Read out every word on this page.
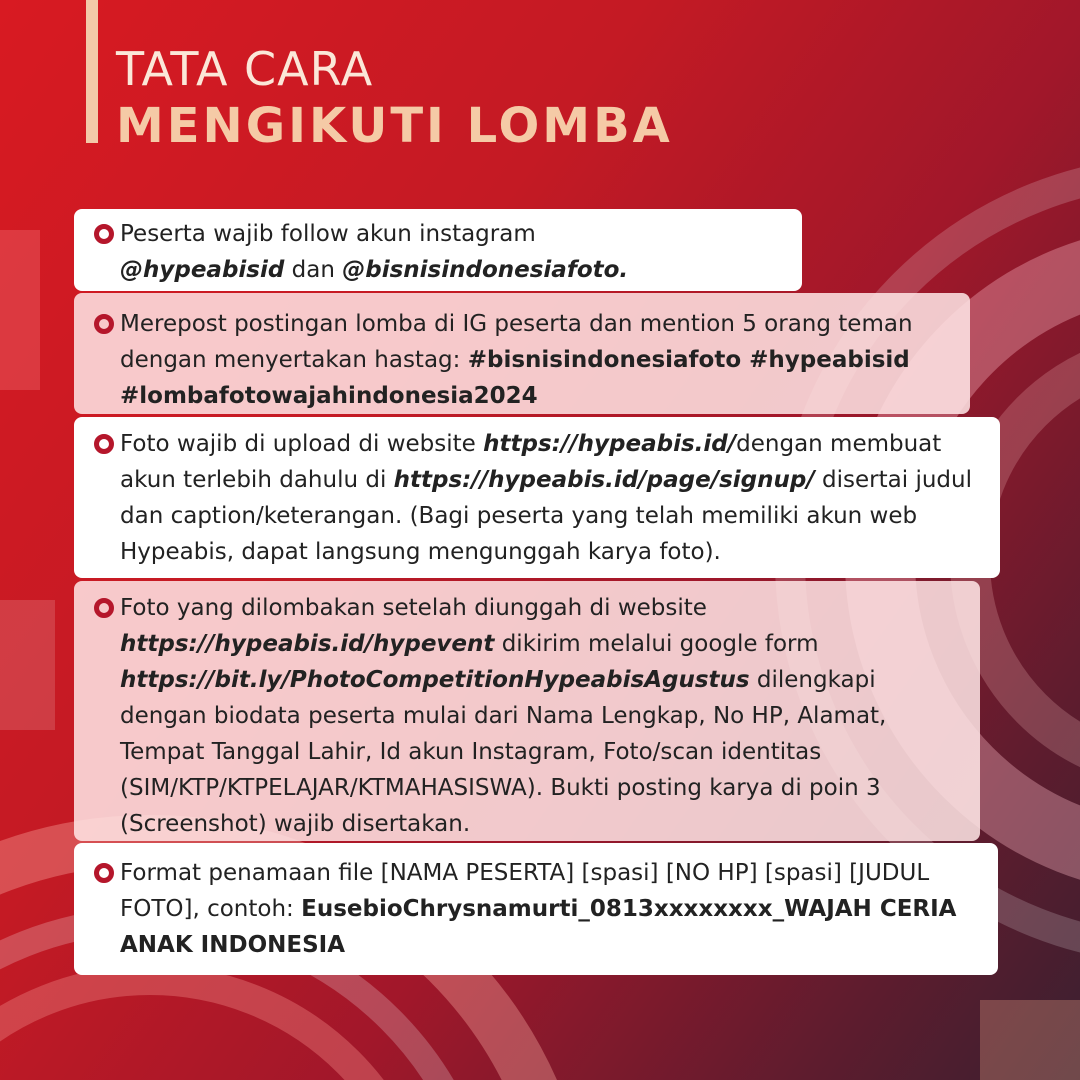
TATA CARA
MENGIKUTI LOMBA
Peserta wajib follow akun instagram
@hypeabisid dan @bisnisindonesiafoto.
Merepost postingan lomba di IG peserta dan mention 5 orang teman dengan menyertakan hastag: #bisnisindonesiafoto #hypeabisid #lombafotowajahindonesia2024
Foto wajib di upload di website https://hypeabis.id/dengan membuat akun terlebih dahulu di https://hypeabis.id/page/signup/ disertai judul dan caption/keterangan. (Bagi peserta yang telah memiliki akun web Hypeabis, dapat langsung mengunggah karya foto).
Foto yang dilombakan setelah diunggah di website https://hypeabis.id/hypevent dikirim melalui google form https://bit.ly/PhotoCompetitionHypeabisAgustus dilengkapi dengan biodata peserta mulai dari Nama Lengkap, No HP, Alamat, Tempat Tanggal Lahir, Id akun Instagram, Foto/scan identitas (SIM/KTP/KTPELAJAR/KTMAHASISWA). Bukti posting karya di poin 3 (Screenshot) wajib disertakan.
Format penamaan file [NAMA PESERTA] [spasi] [NO HP] [spasi] [JUDUL FOTO], contoh: EusebioChrysnamurti_0813xxxxxxxx_WAJAH CERIA ANAK INDONESIA
